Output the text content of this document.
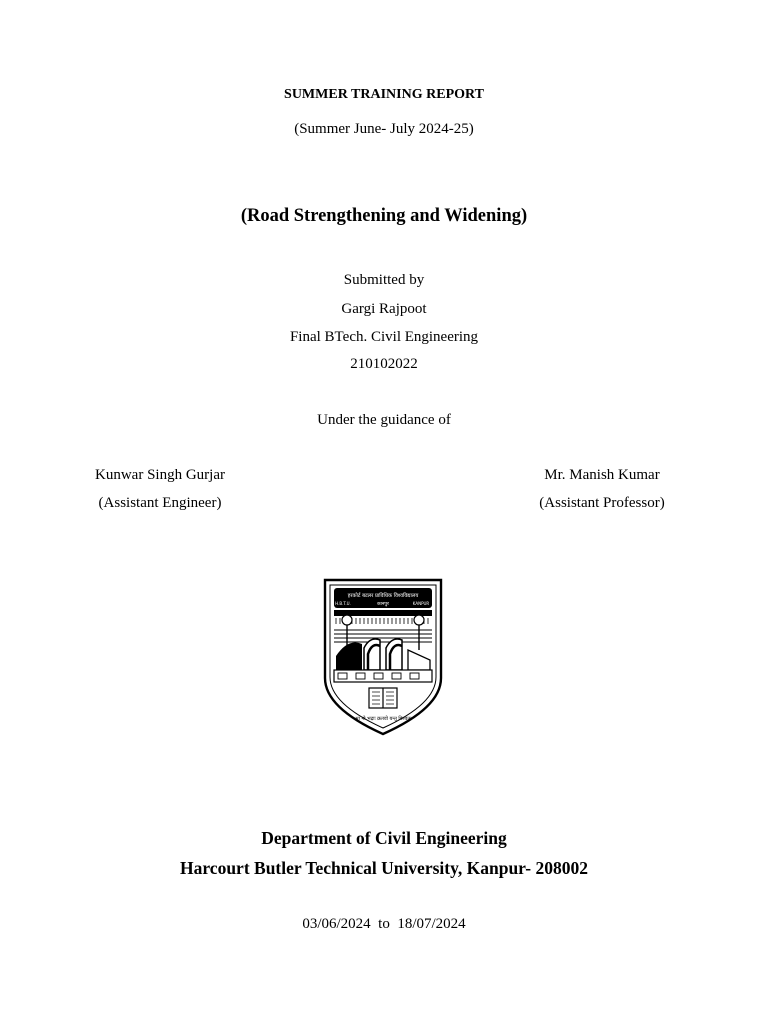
SUMMER TRAINING REPORT
(Summer June- July 2024-25)
(Road Strengthening and Widening)
Submitted by
Gargi Rajpoot
Final BTech. Civil Engineering
210102022
Under the guidance of
Kunwar Singh Gurjar
(Assistant Engineer)
Mr. Manish Kumar
(Assistant Professor)
हरकोर्ट बटलर प्राविधिक विश्वविद्यालय
कानपुर
H.B.T.U.	KANPUR
आ नो भद्राः क्रतवो यन्तु विश्वतः
Department of Civil Engineering
Harcourt Butler Technical University, Kanpur- 208002
03/06/2024 to 18/07/2024
